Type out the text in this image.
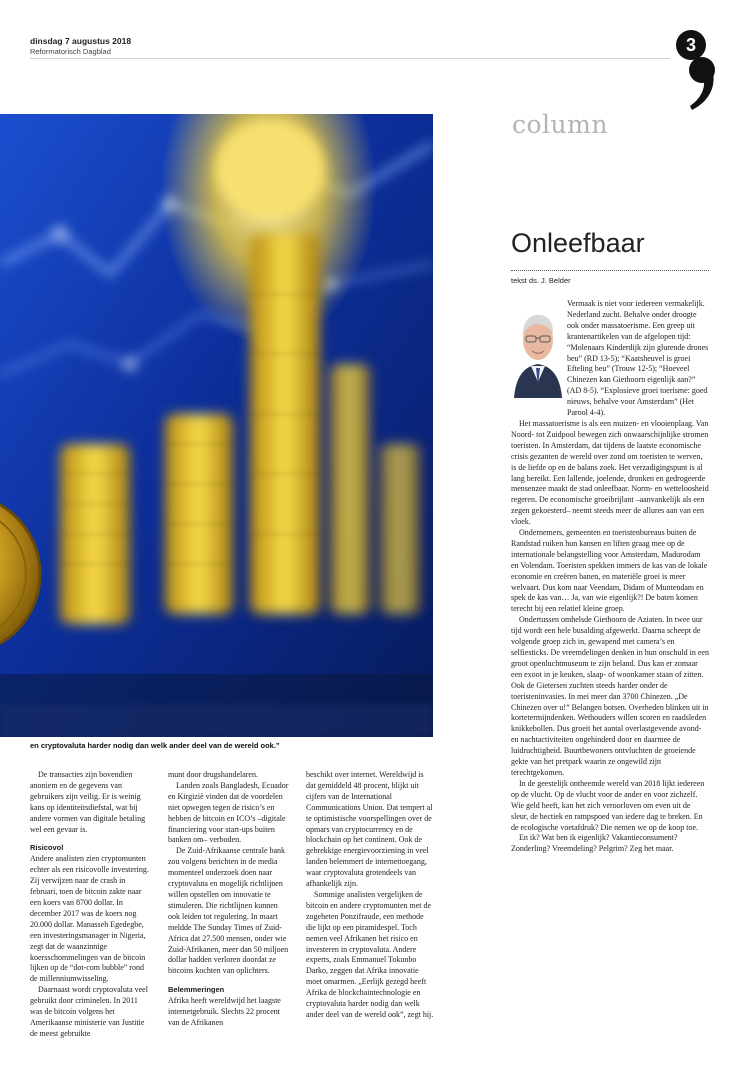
dinsdag 7 augustus 2018
Reformatorisch Dagblad	3
en cryptovaluta harder nodig dan welk ander deel van de wereld ook.”

De transacties zijn bovendien anoniem en de gegevens van gebruikers zijn veilig. Er is weinig kans op identiteitsdiefstal, wat bij andere vormen van digitale betaling wel een gevaar is.

Risicovol

Andere analisten zien cryptomunten echter als een risicovolle investering. Zij verwijzen naar de crash in februari, toen de bitcoin zakte naar een koers van 8700 dollar. In december 2017 was de koers nog 20.000 dollar. Manasseh Egedegbe, een investeringsmanager in Nigeria, zegt dat de waanzinnige koersschommelingen van de bitcoin lijken op de “dot-com bubble” rond de millenniumwisseling.

Daarnaast wordt cryptovaluta veel gebruikt door criminelen. In 2011 was de bitcoin volgens het Amerikaanse ministerie van Justitie de meest gebruikte

munt door drugshandelaren.

Landen zoals Bangladesh, Ecuador en Kirgizië vinden dat de voordelen niet opwegen tegen de risico’s en hebben de bitcoin en ICO’s –digitale financiering voor start-ups buiten banken om– verboden.

De Zuid-Afrikaanse centrale bank zou volgens berichten in de media momenteel onderzoek doen naar cryptovaluta en mogelijk richtlijnen willen opstellen om innovatie te stimuleren. Die richtlijnen kunnen ook leiden tot regulering. In maart meldde The Sunday Times of Zuid-Africa dat 27.500 mensen, onder wie Zuid-Afrikanen, meer dan 50 miljoen dollar hadden verloren doordat ze bitcoins kochten van oplichters.

Belemmeringen

Afrika heeft wereldwijd het laagste internetgebruik. Slechts 22 procent van de Afrikanen

beschikt over internet. Wereldwijd is dat gemiddeld 48 procent, blijkt uit cijfers van de International Communications Union. Dat tempert al te optimistische voorspellingen over de opmars van cryptocurrency en de blockchain op het continent. Ook de gebrekkige energievoorziening in veel landen belemmert de internettoegang, waar cryptovaluta grotendeels van afhankelijk zijn.

Sommige analisten vergelijken de bitcoin en andere cryptomunten met de zogeheten Ponzifraude, een methode die lijkt op een piramidespel. Toch nemen veel Afrikanen het risico en investeren in cryptovaluta. Andere experts, zoals Emmanuel Tokunbo Darko, zeggen dat Afrika innovatie moet omarmen. „Eerlijk gezegd heeft Afrika de blockchaintechnologie en cryptovaluta harder nodig dan welk ander deel van de wereld ook”, zegt hij.

column
Onleefbaar
tekst ds. J. Belder

Vermaak is niet voor iedereen vermakelijk. Nederland zucht. Behalve onder droogte ook onder massatoerisme. Een greep uit krantenartikelen van de afgelopen tijd: “Molenaars Kinderdijk zijn glurende drones beu” (RD 13-5); “Kaatsheuvel is groei Efteling beu” (Trouw 12-5); “Hoeveel Chinezen kan Giethoorn eigenlijk aan?” (AD 8-5). “Explosieve groei toerisme: goed nieuws, behalve voor Amsterdam” (Het Parool 4-4).

Het massatoerisme is als een muizen- en vlooienplaag. Van Noord- tot Zuidpool bewegen zich onwaarschijnlijke stromen toeristen. In Amsterdam, dat tijdens de laatste economische crisis gezanten de wereld over zond om toeristen te werven, is de liefde op en de balans zoek. Het verzadigingspunt is al lang bereikt. Een lallende, joelende, dronken en gedrogeerde mensenzee maakt de stad onleefbaar. Norm- en wetteloosheid regeren. De economische groeibrijlant –aanvankelijk als een zegen gekoesterd– neemt steeds meer de allures aan van een vloek.

Ondernemers, gemeenten en toeristenbureaus buiten de Randstad ruiken hun kansen en liften graag mee op de internationale belangstelling voor Amsterdam, Madurodam en Volendam. Toeristen spekken immers de kas van de lokale economie en creëren banen, en materiële groei is meer welvaart. Dus kom naar Veendam, Didam of Muntendam en spek de kas van… Ja, van wie eigenlijk?! De baten komen terecht bij een relatief kleine groep.

Ondertussen omhelsde Giethoorn de Aziaten. In twee uur tijd wordt een hele busalding afgewerkt. Daarna scheept de volgende groep zich in, gewapend met camera’s en selfiesticks. De vreemdelingen denken in hun onschuld in een groot openluchtmuseum te zijn beland. Dus kan er zomaar een exoot in je keuken, slaap- of woonkamer staan of zitten. Ook de Gietersen zuchten steeds harder onder de toeristeninvasies. In mei meer dan 3700 Chinezen. „De Chinezen over u!” Belangen botsen. Overheden blinken uit in kortetermijndenken. Wethouders willen scoren en raadsleden knikkebollen. Dus groeit het aantal overlastgevende avond- en nachtactiviteiten ongehinderd door en daarmee de luidruchtigheid. Buurtbewoners ontvluchten de groeiende gekte van het pretpark waarin ze ongewild zijn terechtgekomen.

In de geestelijk ontheemde wereld van 2018 lijkt iedereen op de vlucht. Op de vlucht voor de ander en voor zichzelf. Wie geld heeft, kan het zich veroorloven om even uit de sleur, de hectiek en rampspoed van iedere dag te breken. En de ecologische voetafdruk? Die nemen we op de koop toe.

En ik? Wat ben ik eigenlijk? Vakantieconsument? Zonderling? Vreemdeling? Pelgrim? Zeg het maar.
